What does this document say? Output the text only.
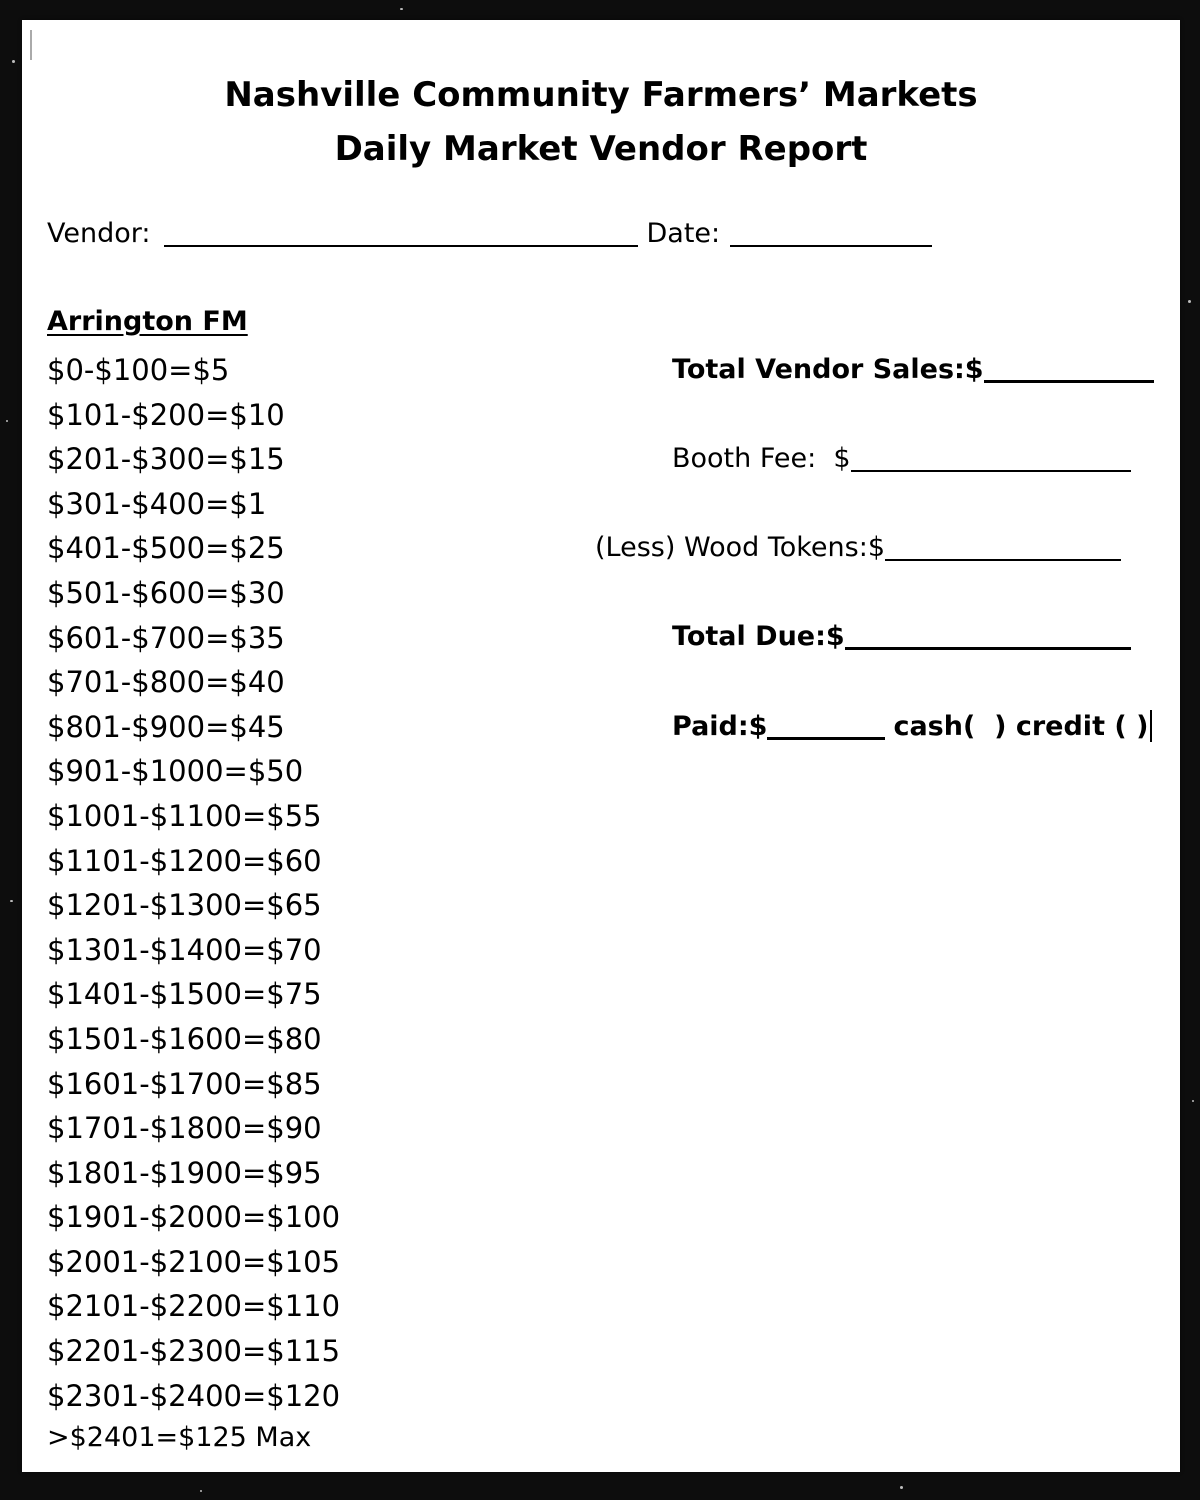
Nashville Community Farmers’ Markets
Daily Market Vendor Report
Vendor:	Date:
Arrington FM
$0-$100=$5
$101-$200=$10
$201-$300=$15
$301-$400=$1
$401-$500=$25
$501-$600=$30
$601-$700=$35
$701-$800=$40
$801-$900=$45
$901-$1000=$50
$1001-$1100=$55
$1101-$1200=$60
$1201-$1300=$65
$1301-$1400=$70
$1401-$1500=$75
$1501-$1600=$80
$1601-$1700=$85
$1701-$1800=$90
$1801-$1900=$95
$1901-$2000=$100
$2001-$2100=$105
$2101-$2200=$110
$2201-$2300=$115
$2301-$2400=$120
>$2401=$125 Max
Total Vendor Sales:$
Booth Fee:  $
(Less) Wood Tokens:$
Total Due:$
Paid:$	cash(  ) credit ( )
